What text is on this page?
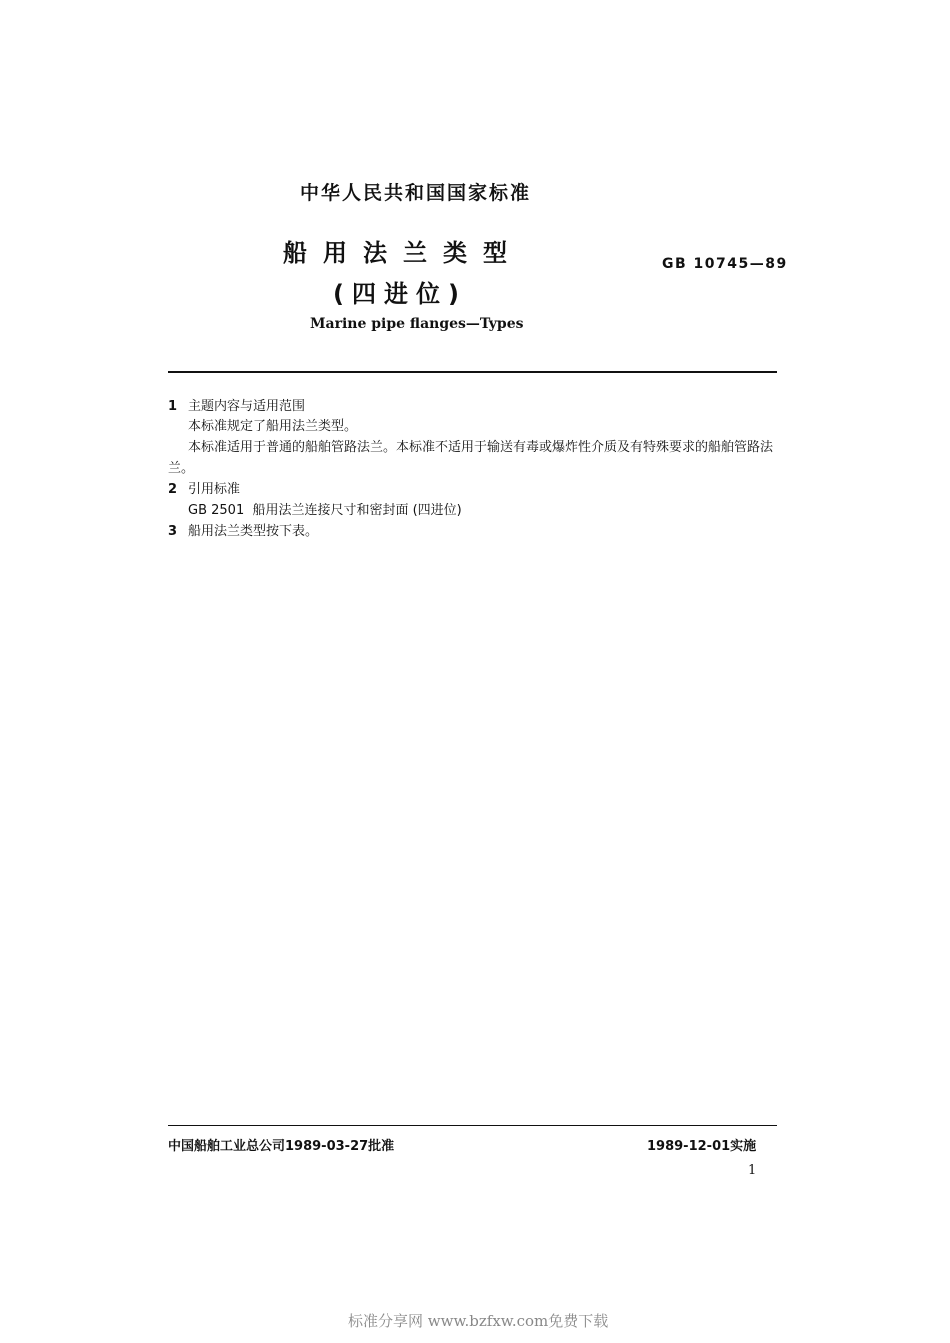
中华人民共和国国家标准
船用法兰类型
(四进位)
GB 10745—89
Marine pipe flanges—Types
1 主题内容与适用范围
本标准规定了船用法兰类型。
本标准适用于普通的船舶管路法兰。本标准不适用于输送有毒或爆炸性介质及有特殊要求的船舶管路法兰。
2 引用标准
GB 2501  船用法兰连接尺寸和密封面 (四进位)
3 船用法兰类型按下表。
中国船舶工业总公司1989-03-27批准	1989-12-01实施
1
标准分享网 www.bzfxw.com免费下载
